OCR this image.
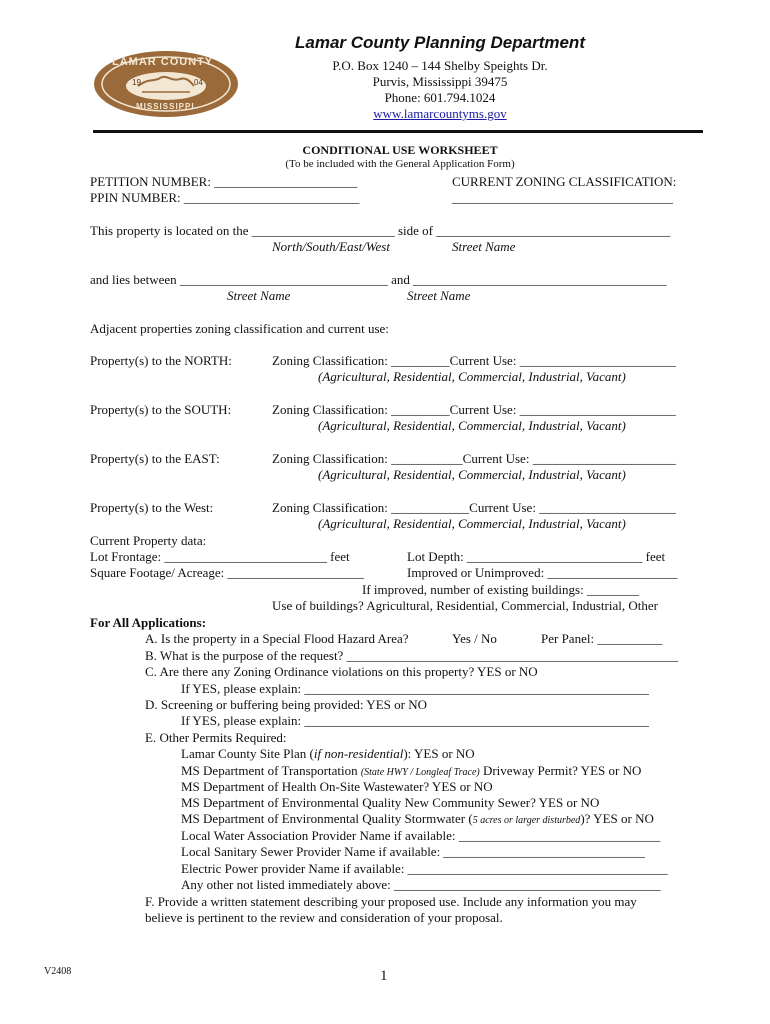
LAMAR COUNTY
19	04
MISSISSIPPI
Lamar County Planning Department
P.O. Box 1240 – 144 Shelby Speights Dr.
Purvis, Mississippi 39475
Phone: 601.794.1024
www.lamarcountyms.gov
CONDITIONAL USE WORKSHEET
(To be included with the General Application Form)
PETITION NUMBER: ______________________
PPIN NUMBER: ___________________________
CURRENT ZONING CLASSIFICATION:
__________________________________
This property is located on the ______________________ side of ____________________________________
North/South/East/West	Street Name
and lies between ________________________________ and _______________________________________
Street Name	Street Name
Adjacent properties zoning classification and current use:
Property(s) to the NORTH:	Zoning Classification: _________Current Use: ________________________
(Agricultural, Residential, Commercial, Industrial, Vacant)
Property(s) to the SOUTH:	Zoning Classification: _________Current Use: ________________________
(Agricultural, Residential, Commercial, Industrial, Vacant)
Property(s) to the EAST:	Zoning Classification: ___________Current Use: ______________________
(Agricultural, Residential, Commercial, Industrial, Vacant)
Property(s) to the West:	Zoning Classification: ____________Current Use: _____________________
(Agricultural, Residential, Commercial, Industrial, Vacant)
Current Property data:
Lot Frontage: _________________________ feet	Lot Depth: ___________________________ feet
Square Footage/ Acreage: _____________________	Improved or Unimproved: ____________________
If improved, number of existing buildings: ________
Use of buildings? Agricultural, Residential, Commercial, Industrial, Other
For All Applications:
A. Is the property in a Special Flood Hazard Area?	Yes / No	Per Panel: __________
B. What is the purpose of the request? ___________________________________________________
C. Are there any Zoning Ordinance violations on this property? YES or NO
If YES, please explain: _____________________________________________________
D. Screening or buffering being provided: YES or NO
If YES, please explain: _____________________________________________________
E. Other Permits Required:
Lamar County Site Plan (if non-residential): YES or NO
MS Department of Transportation (State HWY / Longleaf Trace) Driveway Permit? YES or NO
MS Department of Health On-Site Wastewater? YES or NO
MS Department of Environmental Quality New Community Sewer? YES or NO
MS Department of Environmental Quality Stormwater (5 acres or larger disturbed)? YES or NO
Local Water Association Provider Name if available: _______________________________
Local Sanitary Sewer Provider Name if available: _______________________________
Electric Power provider Name if available: ________________________________________
Any other not listed immediately above: _________________________________________
F. Provide a written statement describing your proposed use. Include any information you may
believe is pertinent to the review and consideration of your proposal.
V2408	1
